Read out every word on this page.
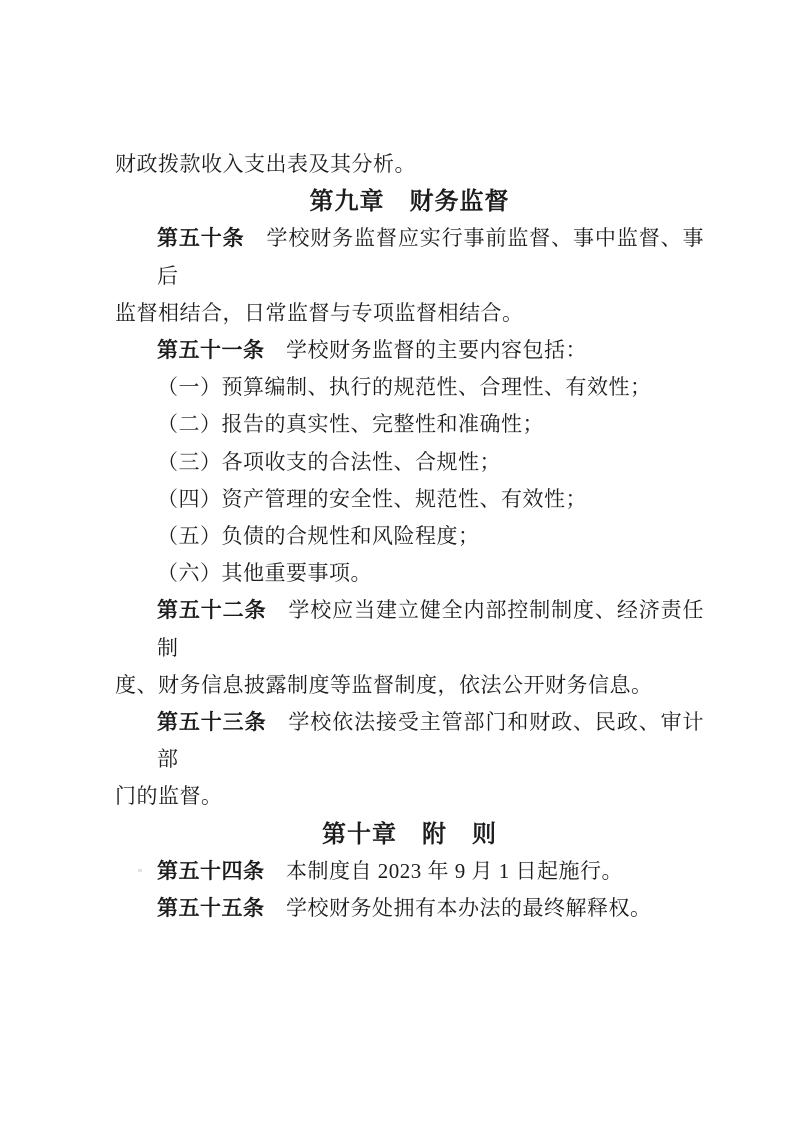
财政拨款收入支出表及其分析。

第九章　财务监督

第五十条　学校财务监督应实行事前监督、事中监督、事后

监督相结合，日常监督与专项监督相结合。

第五十一条　学校财务监督的主要内容包括：

（一）预算编制、执行的规范性、合理性、有效性；

（二）报告的真实性、完整性和准确性；

（三）各项收支的合法性、合规性；

（四）资产管理的安全性、规范性、有效性；

（五）负债的合规性和风险程度；

（六）其他重要事项。

第五十二条　学校应当建立健全内部控制制度、经济责任制

度、财务信息披露制度等监督制度，依法公开财务信息。

第五十三条　学校依法接受主管部门和财政、民政、审计部

门的监督。

第十章　附　则

第五十四条　本制度自 2023 年 9 月 1 日起施行。

第五十五条　学校财务处拥有本办法的最终解释权。
